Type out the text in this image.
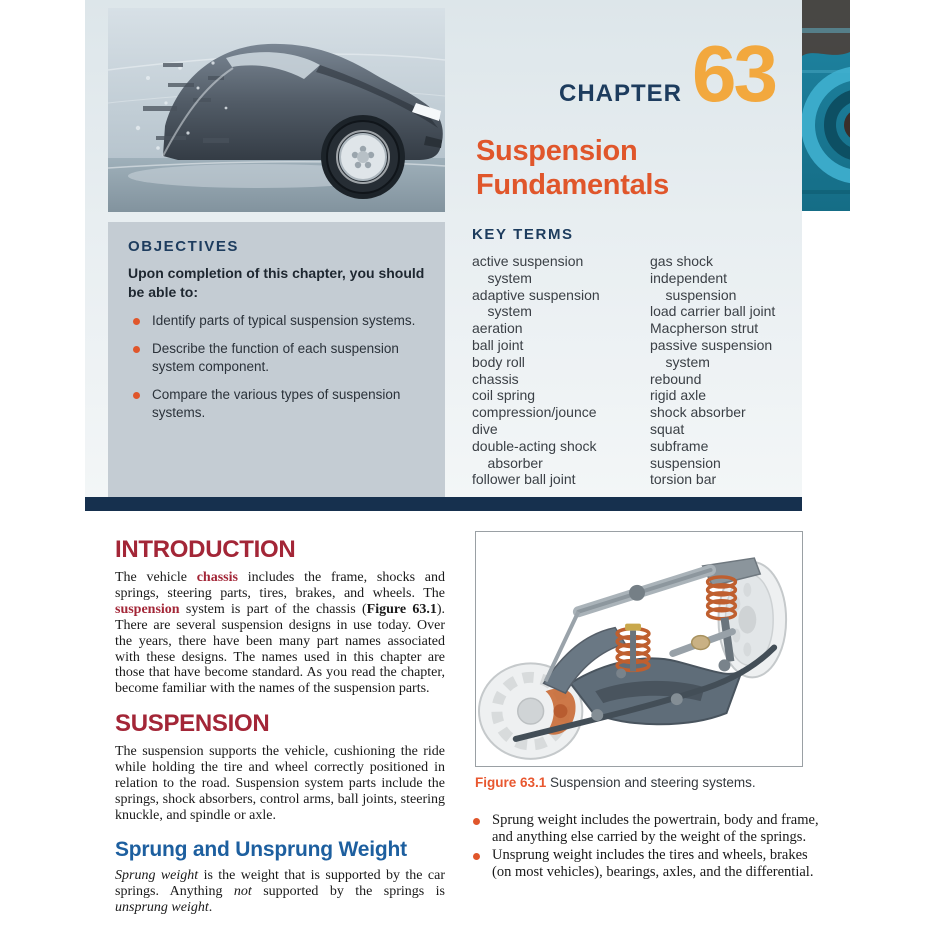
CHAPTER 63
Suspension
Fundamentals
OBJECTIVES
Upon completion of this chapter, you should be able to:
Identify parts of typical suspension systems.
Describe the function of each suspension system component.
Compare the various types of suspension systems.
KEY TERMS
active suspension
system
adaptive suspension
system
aeration
ball joint
body roll
chassis
coil spring
compression/jounce
dive
double-acting shock
absorber
follower ball joint
gas shock
independent
suspension
load carrier ball joint
Macpherson strut
passive suspension
system
rebound
rigid axle
shock absorber
squat
subframe
suspension
torsion bar
INTRODUCTION

The vehicle chassis includes the frame, shocks and springs, steering parts, tires, brakes, and wheels. The suspension system is part of the chassis (Figure 63.1). There are several suspension designs in use today. Over the years, there have been many part names associated with these designs. The names used in this chapter are those that have become standard. As you read the chapter, become familiar with the names of the suspension parts.

SUSPENSION

The suspension supports the vehicle, cushioning the ride while holding the tire and wheel correctly positioned in relation to the road. Suspension system parts include the springs, shock absorbers, control arms, ball joints, steering knuckle, and spindle or axle.

Sprung and Unsprung Weight

Sprung weight is the weight that is supported by the car springs. Anything not supported by the springs is unsprung weight.

Figure 63.1 Suspension and steering systems.
Sprung weight includes the powertrain, body and frame, and anything else carried by the weight of the springs.
Unsprung weight includes the tires and wheels, brakes (on most vehicles), bearings, axles, and the differential.
